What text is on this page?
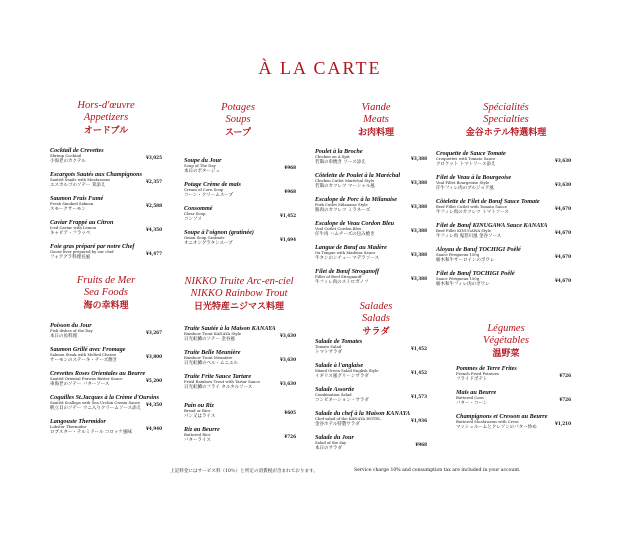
À LA CARTE
Hors-d'œuvre
Appetizers
オードブル
Cocktail de Crevettes
Shrimp Cocktail
小海老のカクテル
¥3,025
Escargots Sautés aux Champignons
Sautéd Snails with Mushrooms
エスカルゴのソテー 茸添え
¥2,357
Saumon Frais Fumé
Fresh Smoked Salmon
スモークサーモン
¥2,588
Caviar Frappé au Citron
Iced Caviar with Lemon
キャビア・フラッペ
¥4,350
Foie gras préparé par notre Chef
Goose liver prepared by our chef
フォアグラ料理長風
¥4,477
Fruits de Mer
Sea Foods
海の幸料理
Poisson du Jour
Fish dishes of the Day
本日の魚料理
¥3,267
Saumon Grillé avec Fromage
Salmon Steak with Melted Cheese
サーモンのステーキ・チーズ焼き
¥3,800
Crevettes Roses Orientales au Beurre
Sautéd Oriental Prawns Butter Sauce
車海老のソテー バターソース
¥5,200
Coquilles St.Jacques à la Crème d'Oursins
Sautéd Scallops with Sea Urchin Cream Sauce
帆立貝のソテー ウニ入りクリームソース添え
¥4,350
Langouste Thermidor
Lobster Thermidor
ロブスター・テルミドール コロッケ風味
¥4,940
Potages
Soups
スープ
Soupe du Jour
Soup of The Day
本日のポタージュ
¥968
Potage Crème de maïs
Cream of Corn Soup
コーン・クリームスープ
¥968
Consommé
Clear Soup
コンソメ
¥1,452
Soupe à l'oignon (gratinée)
Onion Soup Gratinée
オニオングラタンスープ
¥1,694
NIKKO Truite Arc-en-ciel
NIKKO Rainbow Trout
日光特産ニジマス料理
Truite Sautée à la Maison KANAYA
Rainbow Trout KANAYA Style
日光虹鱒のソテー 金谷風
¥3,630
Truite Belle Meunière
Rainbow Trout Meunière
日光虹鱒のベル・ムニエル
¥3,630
Truite Frite Sauce Tartare
Fried Rainbow Trout with Tartar Sauce
日光虹鱒のフライ タルタルソース
¥3,630
Pain ou Riz
Bread or Rice
パン又はライス
¥605
Riz au Beurre
Buttered Rice
バターライス
¥726
Viande
Meats
お肉料理
Poulet à la Broche
Chicken on A Spit
若鶏の串焼き ソース添え
¥3,388
Côtelette de Poulet à la Maréchal
Chicken Cutlet Maréchal Style
若鶏のカツレツ マーシャル風
¥3,388
Escalope de Porc à la Milanaise
Pork Cutlet Milanaise Style
豚肉のカツレツ ミラネーズ
¥3,388
Escalope de Veau Cordon Bleu
Veal Cutlet Cordon Bleu
仔牛肉 ハムチーズの包み焼き
¥3,388
Langue de Bœuf au Madère
Ox Tongue with Madeira Sauce
牛タンのシチュー マデラソース
¥3,388
Filet de Bœuf Stroganoff
Fillet of Beef Stroganoff
牛フィレ肉のストロガノフ
¥3,388
Salades
Salads
サラダ
Salade de Tomates
Tomato Salad
トマトサラダ
¥1,452
Salade à l'anglaise
Mixed Green Salad English Style
イギリス風グリーンサラダ
¥1,452
Salade Assortie
Combination Salad
コンビネーション・サラダ
¥1,573
Salade du chef à la Maison KANAYA
Chef salad of the KANAYA HOTEL
金谷ホテル特製サラダ
¥1,936
Salade du Jour
Salad of the day
本日のサラダ
¥968
Spécialités
Specialties
金谷ホテル特選料理
Croquette de Sauce Tomate
Croquettes with Tomato Sauce
クロケット トマトソース添え
¥3,630
Filet de Veau à la Bourgeoise
Veal Fillet Bourgeoise Style
仔牛フィレ肉のブルジョア風
¥3,630
Côtelette de Filet de Bœuf Sauce Tomate
Beef Fillet Cutlet with Tomato Sauce
牛フィレ肉のカツレツ トマトソース
¥4,670
Filet de Bœuf KINUGAWA Sauce KANAYA
Beef Fillet KINUGAWA Style
牛フィレ肉 鬼怒川風 金谷ソース
¥4,670
Aloyau de Bœuf TOCHIGI Poêlé
Sauce Périgueux 150g
栃木和牛サーロインのポワレ
¥4,670
Filet de Bœuf TOCHIGI Poêlé
Sauce Périgueux 150g
栃木和牛フィレ肉のポワレ
¥4,670
Légumes
Végétables
温野菜
Pommes de Terre Frites
French Fried Potatoes
フライドポテト
¥726
Maïs au Beurre
Buttered Corn
バター・コーン
¥726
Champignons et Cresson au Beurre
Buttered Mushrooms with Cress
マッシュルームとクレソンのバター炒め
¥1,210
上記料金にはサービス料（10％）と所定の消費税が含まれております。	Service charge 10% and consumption tax are included in your account.
